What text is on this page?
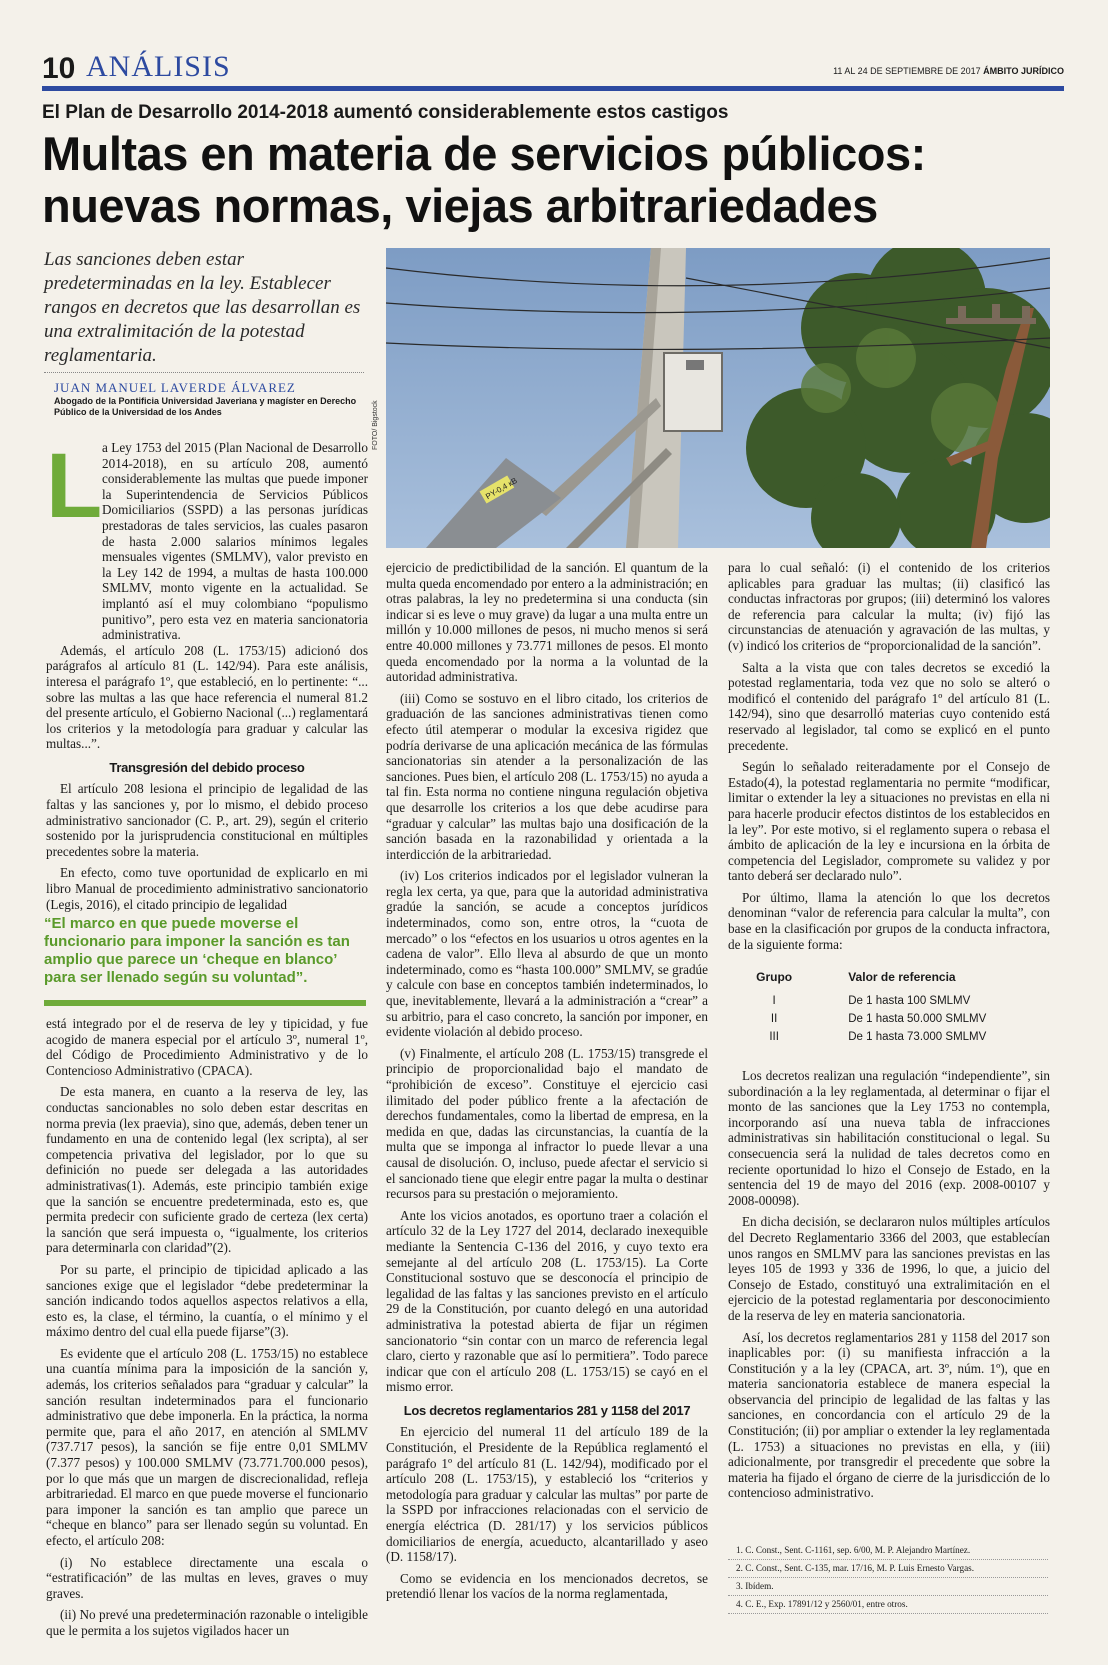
10 ANÁLISIS	11 AL 24 DE SEPTIEMBRE DE 2017 ÁMBITO JURÍDICO
El Plan de Desarrollo 2014-2018 aumentó considerablemente estos castigos
Multas en materia de servicios públicos: nuevas normas, viejas arbitrariedades
Las sanciones deben estar predeterminadas en la ley. Establecer rangos en decretos que las desarrollan es una extralimitación de la potestad reglamentaria.
JUAN MANUEL LAVERDE ÁLVAREZ
Abogado de la Pontificia Universidad Javeriana y magíster en Derecho Público de la Universidad de los Andes
PY-0,4 кВ
FOTO/ Bigstock
L a Ley 1753 del 2015 (Plan Nacional de Desarrollo 2014-2018), en su artículo 208, aumentó considerablemente las multas que puede imponer la Superintendencia de Servicios Públicos Domiciliarios (SSPD) a las personas jurídicas prestadoras de tales servicios, las cuales pasaron de hasta 2.000 salarios mínimos legales mensuales vigentes (SMLMV), valor previsto en la Ley 142 de 1994, a multas de hasta 100.000 SMLMV, monto vigente en la actualidad. Se implantó así el muy colombiano “populismo punitivo”, pero esta vez en materia sancionatoria administrativa.

Además, el artículo 208 (L. 1753/15) adicionó dos parágrafos al artículo 81 (L. 142/94). Para este análisis, interesa el parágrafo 1º, que estableció, en lo pertinente: “... sobre las multas a las que hace referencia el numeral 81.2 del presente artículo, el Gobierno Nacional (...) reglamentará los criterios y la metodología para graduar y calcular las multas...”.

Transgresión del debido proceso

El artículo 208 lesiona el principio de legalidad de las faltas y las sanciones y, por lo mismo, el debido proceso administrativo sancionador (C. P., art. 29), según el criterio sostenido por la jurisprudencia constitucional en múltiples precedentes sobre la materia.

En efecto, como tuve oportunidad de explicarlo en mi libro Manual de procedimiento administrativo sancionatorio (Legis, 2016), el citado principio de legalidad

“El marco en que puede moverse el funcionario para imponer la sanción es tan amplio que parece un ‘cheque en blanco’ para ser llenado según su voluntad”.

está integrado por el de reserva de ley y tipicidad, y fue acogido de manera especial por el artículo 3º, numeral 1º, del Código de Procedimiento Administrativo y de lo Contencioso Administrativo (CPACA).

De esta manera, en cuanto a la reserva de ley, las conductas sancionables no solo deben estar descritas en norma previa (lex praevia), sino que, además, deben tener un fundamento en una de contenido legal (lex scripta), al ser competencia privativa del legislador, por lo que su definición no puede ser delegada a las autoridades administrativas(1). Además, este principio también exige que la sanción se encuentre predeterminada, esto es, que permita predecir con suficiente grado de certeza (lex certa) la sanción que será impuesta o, “igualmente, los criterios para determinarla con claridad”(2).

Por su parte, el principio de tipicidad aplicado a las sanciones exige que el legislador “debe predeterminar la sanción indicando todos aquellos aspectos relativos a ella, esto es, la clase, el término, la cuantía, o el mínimo y el máximo dentro del cual ella puede fijarse”(3).

Es evidente que el artículo 208 (L. 1753/15) no establece una cuantía mínima para la imposición de la sanción y, además, los criterios señalados para “graduar y calcular” la sanción resultan indeterminados para el funcionario administrativo que debe imponerla. En la práctica, la norma permite que, para el año 2017, en atención al SMLMV (737.717 pesos), la sanción se fije entre 0,01 SMLMV (7.377 pesos) y 100.000 SMLMV (73.771.700.000 pesos), por lo que más que un margen de discrecionalidad, refleja arbitrariedad. El marco en que puede moverse el funcionario para imponer la sanción es tan amplio que parece un “cheque en blanco” para ser llenado según su voluntad. En efecto, el artículo 208:

(i) No establece directamente una escala o “estratificación” de las multas en leves, graves o muy graves.

(ii) No prevé una predeterminación razonable o inteligible que le permita a los sujetos vigilados hacer un

ejercicio de predictibilidad de la sanción. El quantum de la multa queda encomendado por entero a la administración; en otras palabras, la ley no predetermina si una conducta (sin indicar si es leve o muy grave) da lugar a una multa entre un millón y 10.000 millones de pesos, ni mucho menos si será entre 40.000 millones y 73.771 millones de pesos. El monto queda encomendado por la norma a la voluntad de la autoridad administrativa.

(iii) Como se sostuvo en el libro citado, los criterios de graduación de las sanciones administrativas tienen como efecto útil atemperar o modular la excesiva rigidez que podría derivarse de una aplicación mecánica de las fórmulas sancionatorias sin atender a la personalización de las sanciones. Pues bien, el artículo 208 (L. 1753/15) no ayuda a tal fin. Esta norma no contiene ninguna regulación objetiva que desarrolle los criterios a los que debe acudirse para “graduar y calcular” las multas bajo una dosificación de la sanción basada en la razonabilidad y orientada a la interdicción de la arbitrariedad.

(iv) Los criterios indicados por el legislador vulneran la regla lex certa, ya que, para que la autoridad administrativa gradúe la sanción, se acude a conceptos jurídicos indeterminados, como son, entre otros, la “cuota de mercado” o los “efectos en los usuarios u otros agentes en la cadena de valor”. Ello lleva al absurdo de que un monto indeterminado, como es “hasta 100.000” SMLMV, se gradúe y calcule con base en conceptos también indeterminados, lo que, inevitablemente, llevará a la administración a “crear” a su arbitrio, para el caso concreto, la sanción por imponer, en evidente violación al debido proceso.

(v) Finalmente, el artículo 208 (L. 1753/15) transgrede el principio de proporcionalidad bajo el mandato de “prohibición de exceso”. Constituye el ejercicio casi ilimitado del poder público frente a la afectación de derechos fundamentales, como la libertad de empresa, en la medida en que, dadas las circunstancias, la cuantía de la multa que se imponga al infractor lo puede llevar a una causal de disolución. O, incluso, puede afectar el servicio si el sancionado tiene que elegir entre pagar la multa o destinar recursos para su prestación o mejoramiento.

Ante los vicios anotados, es oportuno traer a colación el artículo 32 de la Ley 1727 del 2014, declarado inexequible mediante la Sentencia C-136 del 2016, y cuyo texto era semejante al del artículo 208 (L. 1753/15). La Corte Constitucional sostuvo que se desconocía el principio de legalidad de las faltas y las sanciones previsto en el artículo 29 de la Constitución, por cuanto delegó en una autoridad administrativa la potestad abierta de fijar un régimen sancionatorio “sin contar con un marco de referencia legal claro, cierto y razonable que así lo permitiera”. Todo parece indicar que con el artículo 208 (L. 1753/15) se cayó en el mismo error.

Los decretos reglamentarios 281 y 1158 del 2017

En ejercicio del numeral 11 del artículo 189 de la Constitución, el Presidente de la República reglamentó el parágrafo 1º del artículo 81 (L. 142/94), modificado por el artículo 208 (L. 1753/15), y estableció los “criterios y metodología para graduar y calcular las multas” por parte de la SSPD por infracciones relacionadas con el servicio de energía eléctrica (D. 281/17) y los servicios públicos domiciliarios de energía, acueducto, alcantarillado y aseo (D. 1158/17).

Como se evidencia en los mencionados decretos, se pretendió llenar los vacíos de la norma reglamentada,

para lo cual señaló: (i) el contenido de los criterios aplicables para graduar las multas; (ii) clasificó las conductas infractoras por grupos; (iii) determinó los valores de referencia para calcular la multa; (iv) fijó las circunstancias de atenuación y agravación de las multas, y (v) indicó los criterios de “proporcionalidad de la sanción”.

Salta a la vista que con tales decretos se excedió la potestad reglamentaria, toda vez que no solo se alteró o modificó el contenido del parágrafo 1º del artículo 81 (L. 142/94), sino que desarrolló materias cuyo contenido está reservado al legislador, tal como se explicó en el punto precedente.

Según lo señalado reiteradamente por el Consejo de Estado(4), la potestad reglamentaria no permite “modificar, limitar o extender la ley a situaciones no previstas en ella ni para hacerle producir efectos distintos de los establecidos en la ley”. Por este motivo, si el reglamento supera o rebasa el ámbito de aplicación de la ley e incursiona en la órbita de competencia del Legislador, compromete su validez y por tanto deberá ser declarado nulo”.

Por último, llama la atención lo que los decretos denominan “valor de referencia para calcular la multa”, con base en la clasificación por grupos de la conducta infractora, de la siguiente forma:

Grupo	Valor de referencia
I	De 1 hasta 100 SMLMV
II	De 1 hasta 50.000 SMLMV
III	De 1 hasta 73.000 SMLMV

Los decretos realizan una regulación “independiente”, sin subordinación a la ley reglamentada, al determinar o fijar el monto de las sanciones que la Ley 1753 no contempla, incorporando así una nueva tabla de infracciones administrativas sin habilitación constitucional o legal. Su consecuencia será la nulidad de tales decretos como en reciente oportunidad lo hizo el Consejo de Estado, en la sentencia del 19 de mayo del 2016 (exp. 2008-00107 y 2008-00098).

En dicha decisión, se declararon nulos múltiples artículos del Decreto Reglamentario 3366 del 2003, que establecían unos rangos en SMLMV para las sanciones previstas en las leyes 105 de 1993 y 336 de 1996, lo que, a juicio del Consejo de Estado, constituyó una extralimitación en el ejercicio de la potestad reglamentaria por desconocimiento de la reserva de ley en materia sancionatoria.

Así, los decretos reglamentarios 281 y 1158 del 2017 son inaplicables por: (i) su manifiesta infracción a la Constitución y a la ley (CPACA, art. 3º, núm. 1º), que en materia sancionatoria establece de manera especial la observancia del principio de legalidad de las faltas y las sanciones, en concordancia con el artículo 29 de la Constitución; (ii) por ampliar o extender la ley reglamentada (L. 1753) a situaciones no previstas en ella, y (iii) adicionalmente, por transgredir el precedente que sobre la materia ha fijado el órgano de cierre de la jurisdicción de lo contencioso administrativo.

1. C. Const., Sent. C-1161, sep. 6/00, M. P. Alejandro Martínez.
2. C. Const., Sent. C-135, mar. 17/16, M. P. Luis Ernesto Vargas.
3. Ibídem.
4. C. E., Exp. 17891/12 y 2560/01, entre otros.
